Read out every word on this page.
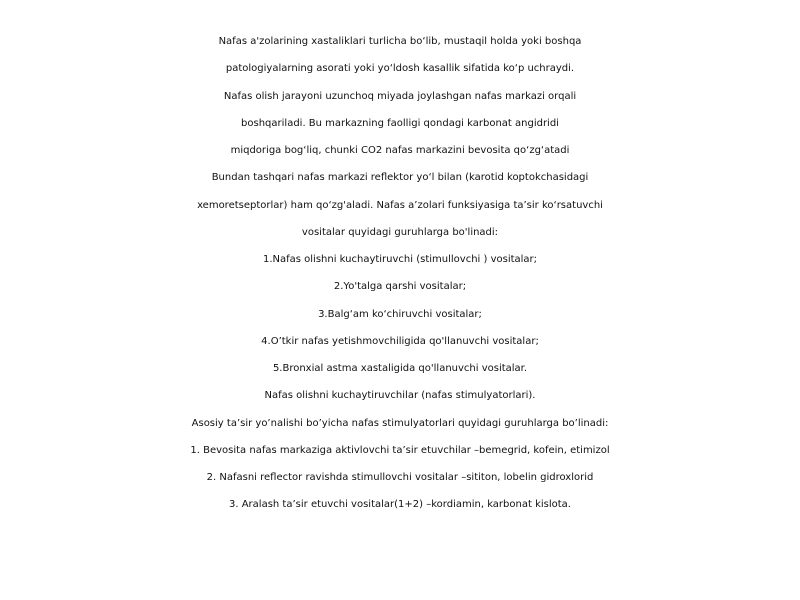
Nafas a'zolarining xastaliklari turlicha bo‘lib, mustaqil holda yoki boshqa
patologiyalarning asorati yoki yo‘ldosh kasallik sifatida ko‘p uchraydi.
Nafas olish jarayoni uzunchoq miyada joylashgan nafas markazi orqali
boshqariladi. Bu markazning faolligi qondagi karbonat angidridi
miqdoriga bog‘liq, chunki CO2 nafas markazini bevosita qo‘zg‘atadi
Bundan tashqari nafas markazi reflektor yo‘l bilan (karotid koptokchasidagi
xemoretseptorlar) ham qo‘zg'aladi. Nafas a’zolari funksiyasiga ta’sir ko‘rsatuvchi
vositalar quyidagi guruhlarga bo'linadi:
1.Nafas olishni kuchaytiruvchi (stimullovchi ) vositalar;
2.Yo'talga qarshi vositalar;
3.Balg‘am ko‘chiruvchi vositalar;
4.O’tkir nafas yetishmovchiligida qo'llanuvchi vositalar;
5.Bronxial astma xastaligida qo'llanuvchi vositalar.
Nafas olishni kuchaytiruvchilar (nafas stimulyatorlari).
Asosiy ta’sir yo’nalishi bo’yicha nafas stimulyatorlari quyidagi guruhlarga bo’linadi:
1. Bevosita nafas markaziga aktivlovchi ta’sir etuvchilar –bemegrid, kofein, etimizol
2. Nafasni reflector ravishda stimullovchi vositalar –sititon, lobelin gidroxlorid
3. Aralash ta’sir etuvchi vositalar(1+2) –kordiamin, karbonat kislota.
